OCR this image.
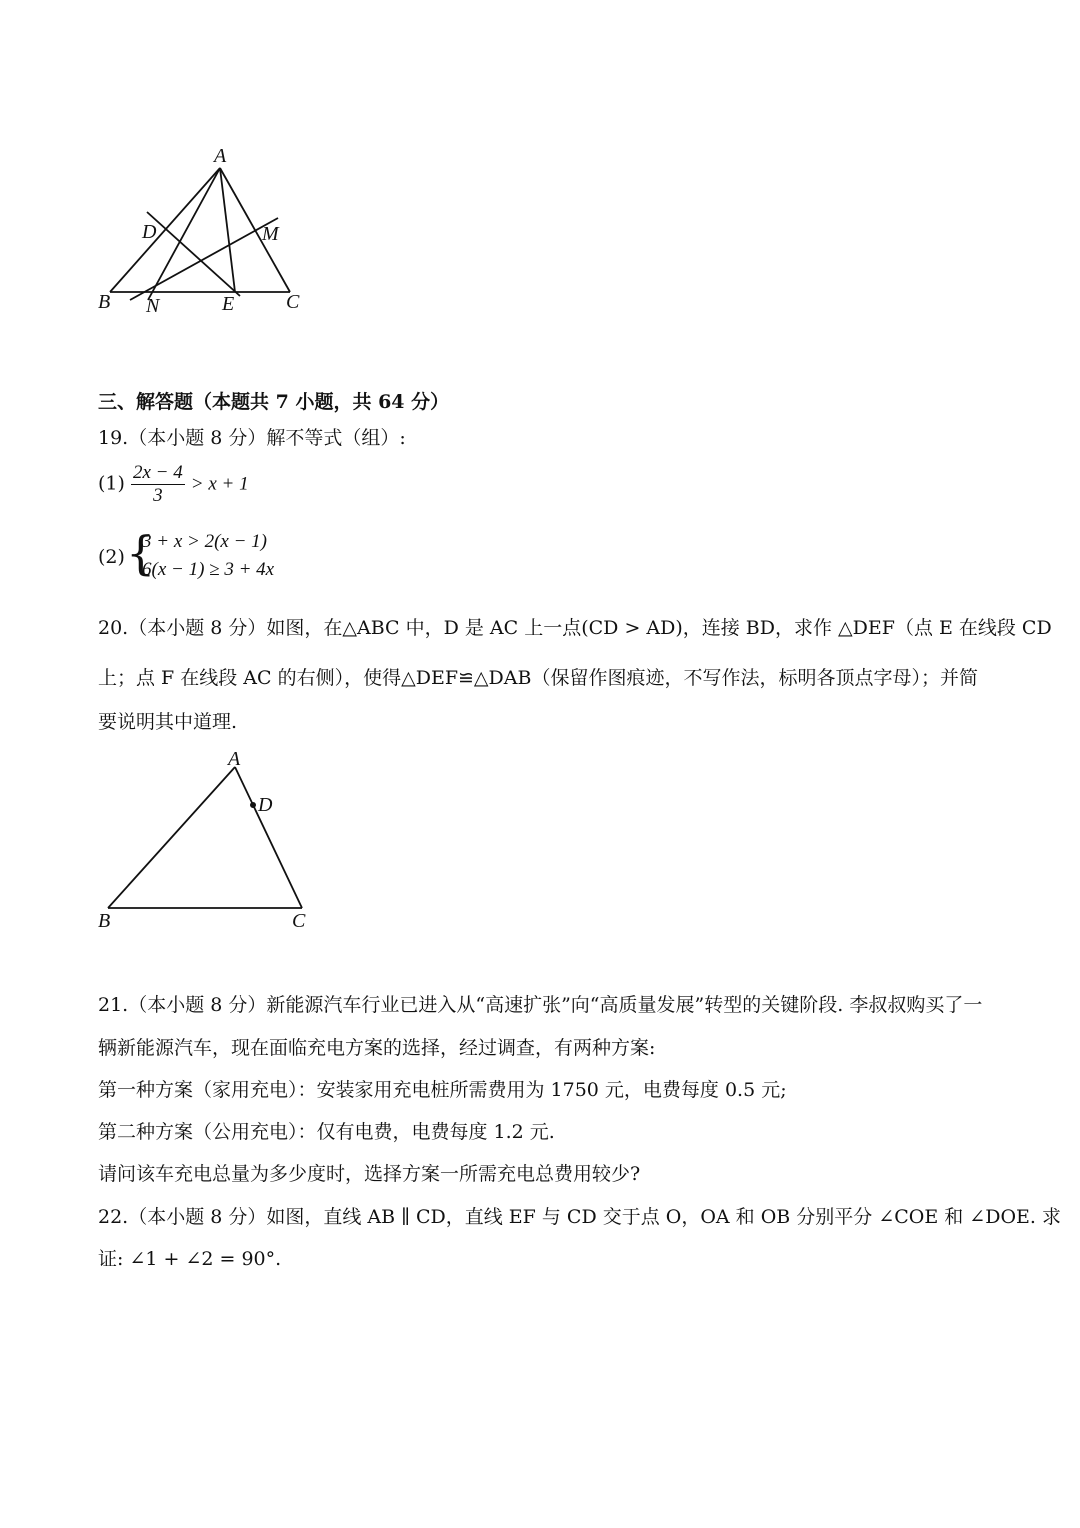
A
D	M
B N	E	C
三、解答题（本题共 7 小题，共 64 分）
19.（本小题 8 分）解不等式（组）:
$(1) \frac{2x - 4}{3} > x + 1$
(2) {
3 + x > 2(x − 1)
6(x − 1) ≥ 3 + 4x
20.（本小题 8 分）如图，在△ABC 中，D 是 AC 上一点(CD > AD)，连接 BD，求作 △DEF（点 E 在线段 CD
上；点 F 在线段 AC 的右侧），使得△DEF≌△DAB（保留作图痕迹，不写作法，标明各顶点字母）；并简
要说明其中道理.
A
D
B	C
21.（本小题 8 分）新能源汽车行业已进入从“高速扩张”向“高质量发展”转型的关键阶段. 李叔叔购买了一
辆新能源汽车，现在面临充电方案的选择，经过调查，有两种方案:
第一种方案（家用充电）：安装家用充电桩所需费用为 1750 元，电费每度 0.5 元;
第二种方案（公用充电）：仅有电费，电费每度 1.2 元.
请问该车充电总量为多少度时，选择方案一所需充电总费用较少?
22.（本小题 8 分）如图，直线 AB ∥ CD，直线 EF 与 CD 交于点 O，OA 和 OB 分别平分 ∠COE 和 ∠DOE. 求
证: ∠1 + ∠2 = 90°.
